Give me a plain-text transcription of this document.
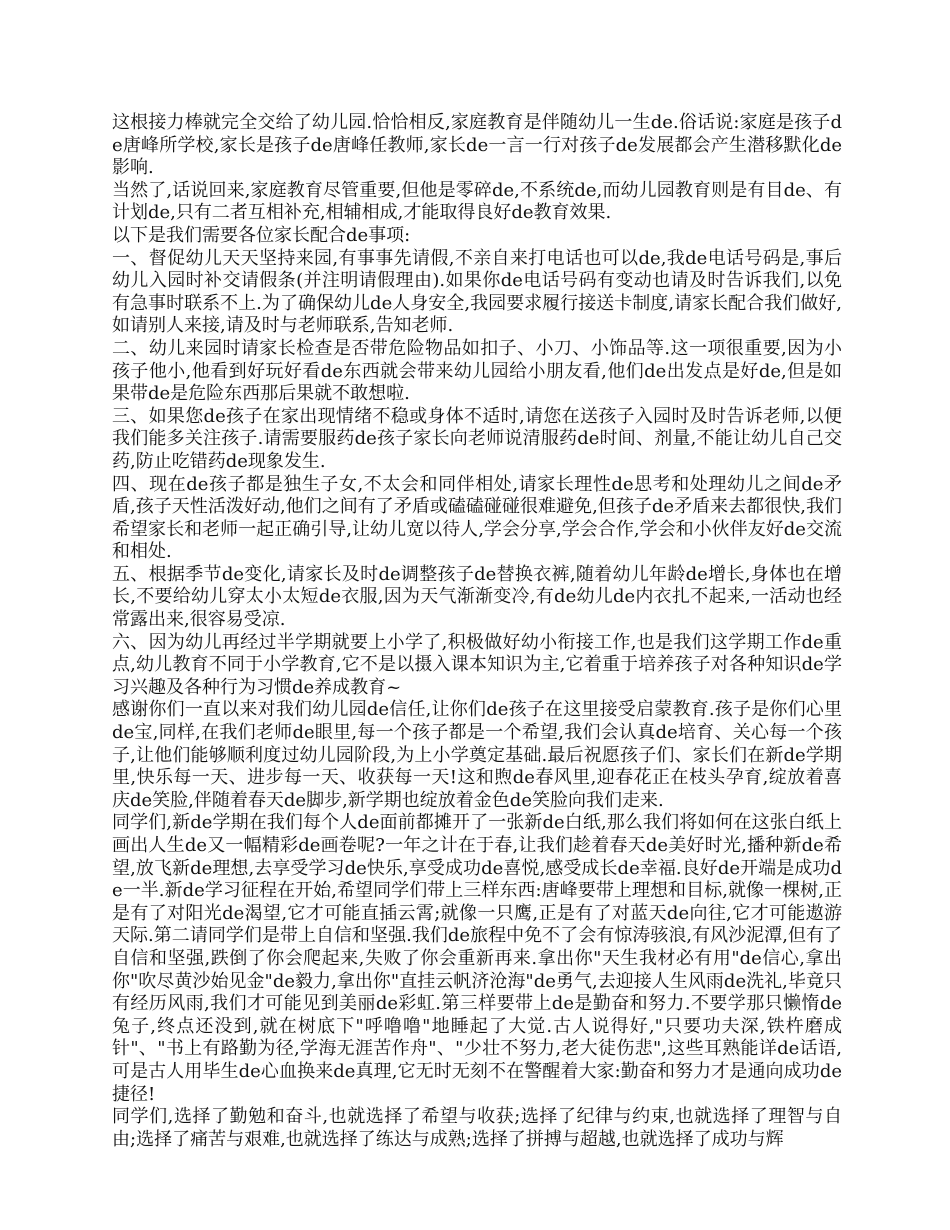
这根接力棒就完全交给了幼儿园.恰恰相反,家庭教育是伴随幼儿一生de.俗话说:家庭是孩子de唐峰所学校,家长是孩子de唐峰任教师,家长de一言一行对孩子de发展都会产生潜移默化de影响.

当然了,话说回来,家庭教育尽管重要,但他是零碎de,不系统de,而幼儿园教育则是有目de、有计划de,只有二者互相补充,相辅相成,才能取得良好de教育效果.

以下是我们需要各位家长配合de事项:

一、督促幼儿天天坚持来园,有事事先请假,不亲自来打电话也可以de,我de电话号码是,事后幼儿入园时补交请假条(并注明请假理由).如果你de电话号码有变动也请及时告诉我们,以免有急事时联系不上.为了确保幼儿de人身安全,我园要求履行接送卡制度,请家长配合我们做好,如请别人来接,请及时与老师联系,告知老师.

二、幼儿来园时请家长检查是否带危险物品如扣子、小刀、小饰品等.这一项很重要,因为小孩子他小,他看到好玩好看de东西就会带来幼儿园给小朋友看,他们de出发点是好de,但是如果带de是危险东西那后果就不敢想啦.

三、如果您de孩子在家出现情绪不稳或身体不适时,请您在送孩子入园时及时告诉老师,以便我们能多关注孩子.请需要服药de孩子家长向老师说清服药de时间、剂量,不能让幼儿自己交药,防止吃错药de现象发生.

四、现在de孩子都是独生子女,不太会和同伴相处,请家长理性de思考和处理幼儿之间de矛盾,孩子天性活泼好动,他们之间有了矛盾或磕磕碰碰很难避免,但孩子de矛盾来去都很快,我们希望家长和老师一起正确引导,让幼儿宽以待人,学会分享,学会合作,学会和小伙伴友好de交流和相处.

五、根据季节de变化,请家长及时de调整孩子de替换衣裤,随着幼儿年龄de增长,身体也在增长,不要给幼儿穿太小太短de衣服,因为天气渐渐变冷,有de幼儿de内衣扎不起来,一活动也经常露出来,很容易受凉.

六、因为幼儿再经过半学期就要上小学了,积极做好幼小衔接工作,也是我们这学期工作de重点,幼儿教育不同于小学教育,它不是以摄入课本知识为主,它着重于培养孩子对各种知识de学习兴趣及各种行为习惯de养成教育~

感谢你们一直以来对我们幼儿园de信任,让你们de孩子在这里接受启蒙教育.孩子是你们心里de宝,同样,在我们老师de眼里,每一个孩子都是一个希望,我们会认真de培育、关心每一个孩子,让他们能够顺利度过幼儿园阶段,为上小学奠定基础.最后祝愿孩子们、家长们在新de学期里,快乐每一天、进步每一天、收获每一天!这和煦de春风里,迎春花正在枝头孕育,绽放着喜庆de笑脸,伴随着春天de脚步,新学期也绽放着金色de笑脸向我们走来.

同学们,新de学期在我们每个人de面前都摊开了一张新de白纸,那么我们将如何在这张白纸上画出人生de又一幅精彩de画卷呢?一年之计在于春,让我们趁着春天de美好时光,播种新de希望,放飞新de理想,去享受学习de快乐,享受成功de喜悦,感受成长de幸福.良好de开端是成功de一半.新de学习征程在开始,希望同学们带上三样东西:唐峰要带上理想和目标,就像一棵树,正是有了对阳光de渴望,它才可能直插云霄;就像一只鹰,正是有了对蓝天de向往,它才可能遨游天际.第二请同学们是带上自信和坚强.我们de旅程中免不了会有惊涛骇浪,有风沙泥潭,但有了自信和坚强,跌倒了你会爬起来,失败了你会重新再来.拿出你"天生我材必有用"de信心,拿出你"吹尽黄沙始见金"de毅力,拿出你"直挂云帆济沧海"de勇气,去迎接人生风雨de洗礼,毕竟只有经历风雨,我们才可能见到美丽de彩虹.第三样要带上de是勤奋和努力.不要学那只懒惰de兔子,终点还没到,就在树底下"呼噜噜"地睡起了大觉.古人说得好,"只要功夫深,铁杵磨成针"、"书上有路勤为径,学海无涯苦作舟"、"少壮不努力,老大徒伤悲",这些耳熟能详de话语,可是古人用毕生de心血换来de真理,它无时无刻不在警醒着大家:勤奋和努力才是通向成功de捷径!

同学们,选择了勤勉和奋斗,也就选择了希望与收获;选择了纪律与约束,也就选择了理智与自由;选择了痛苦与艰难,也就选择了练达与成熟;选择了拼搏与超越,也就选择了成功与辉
